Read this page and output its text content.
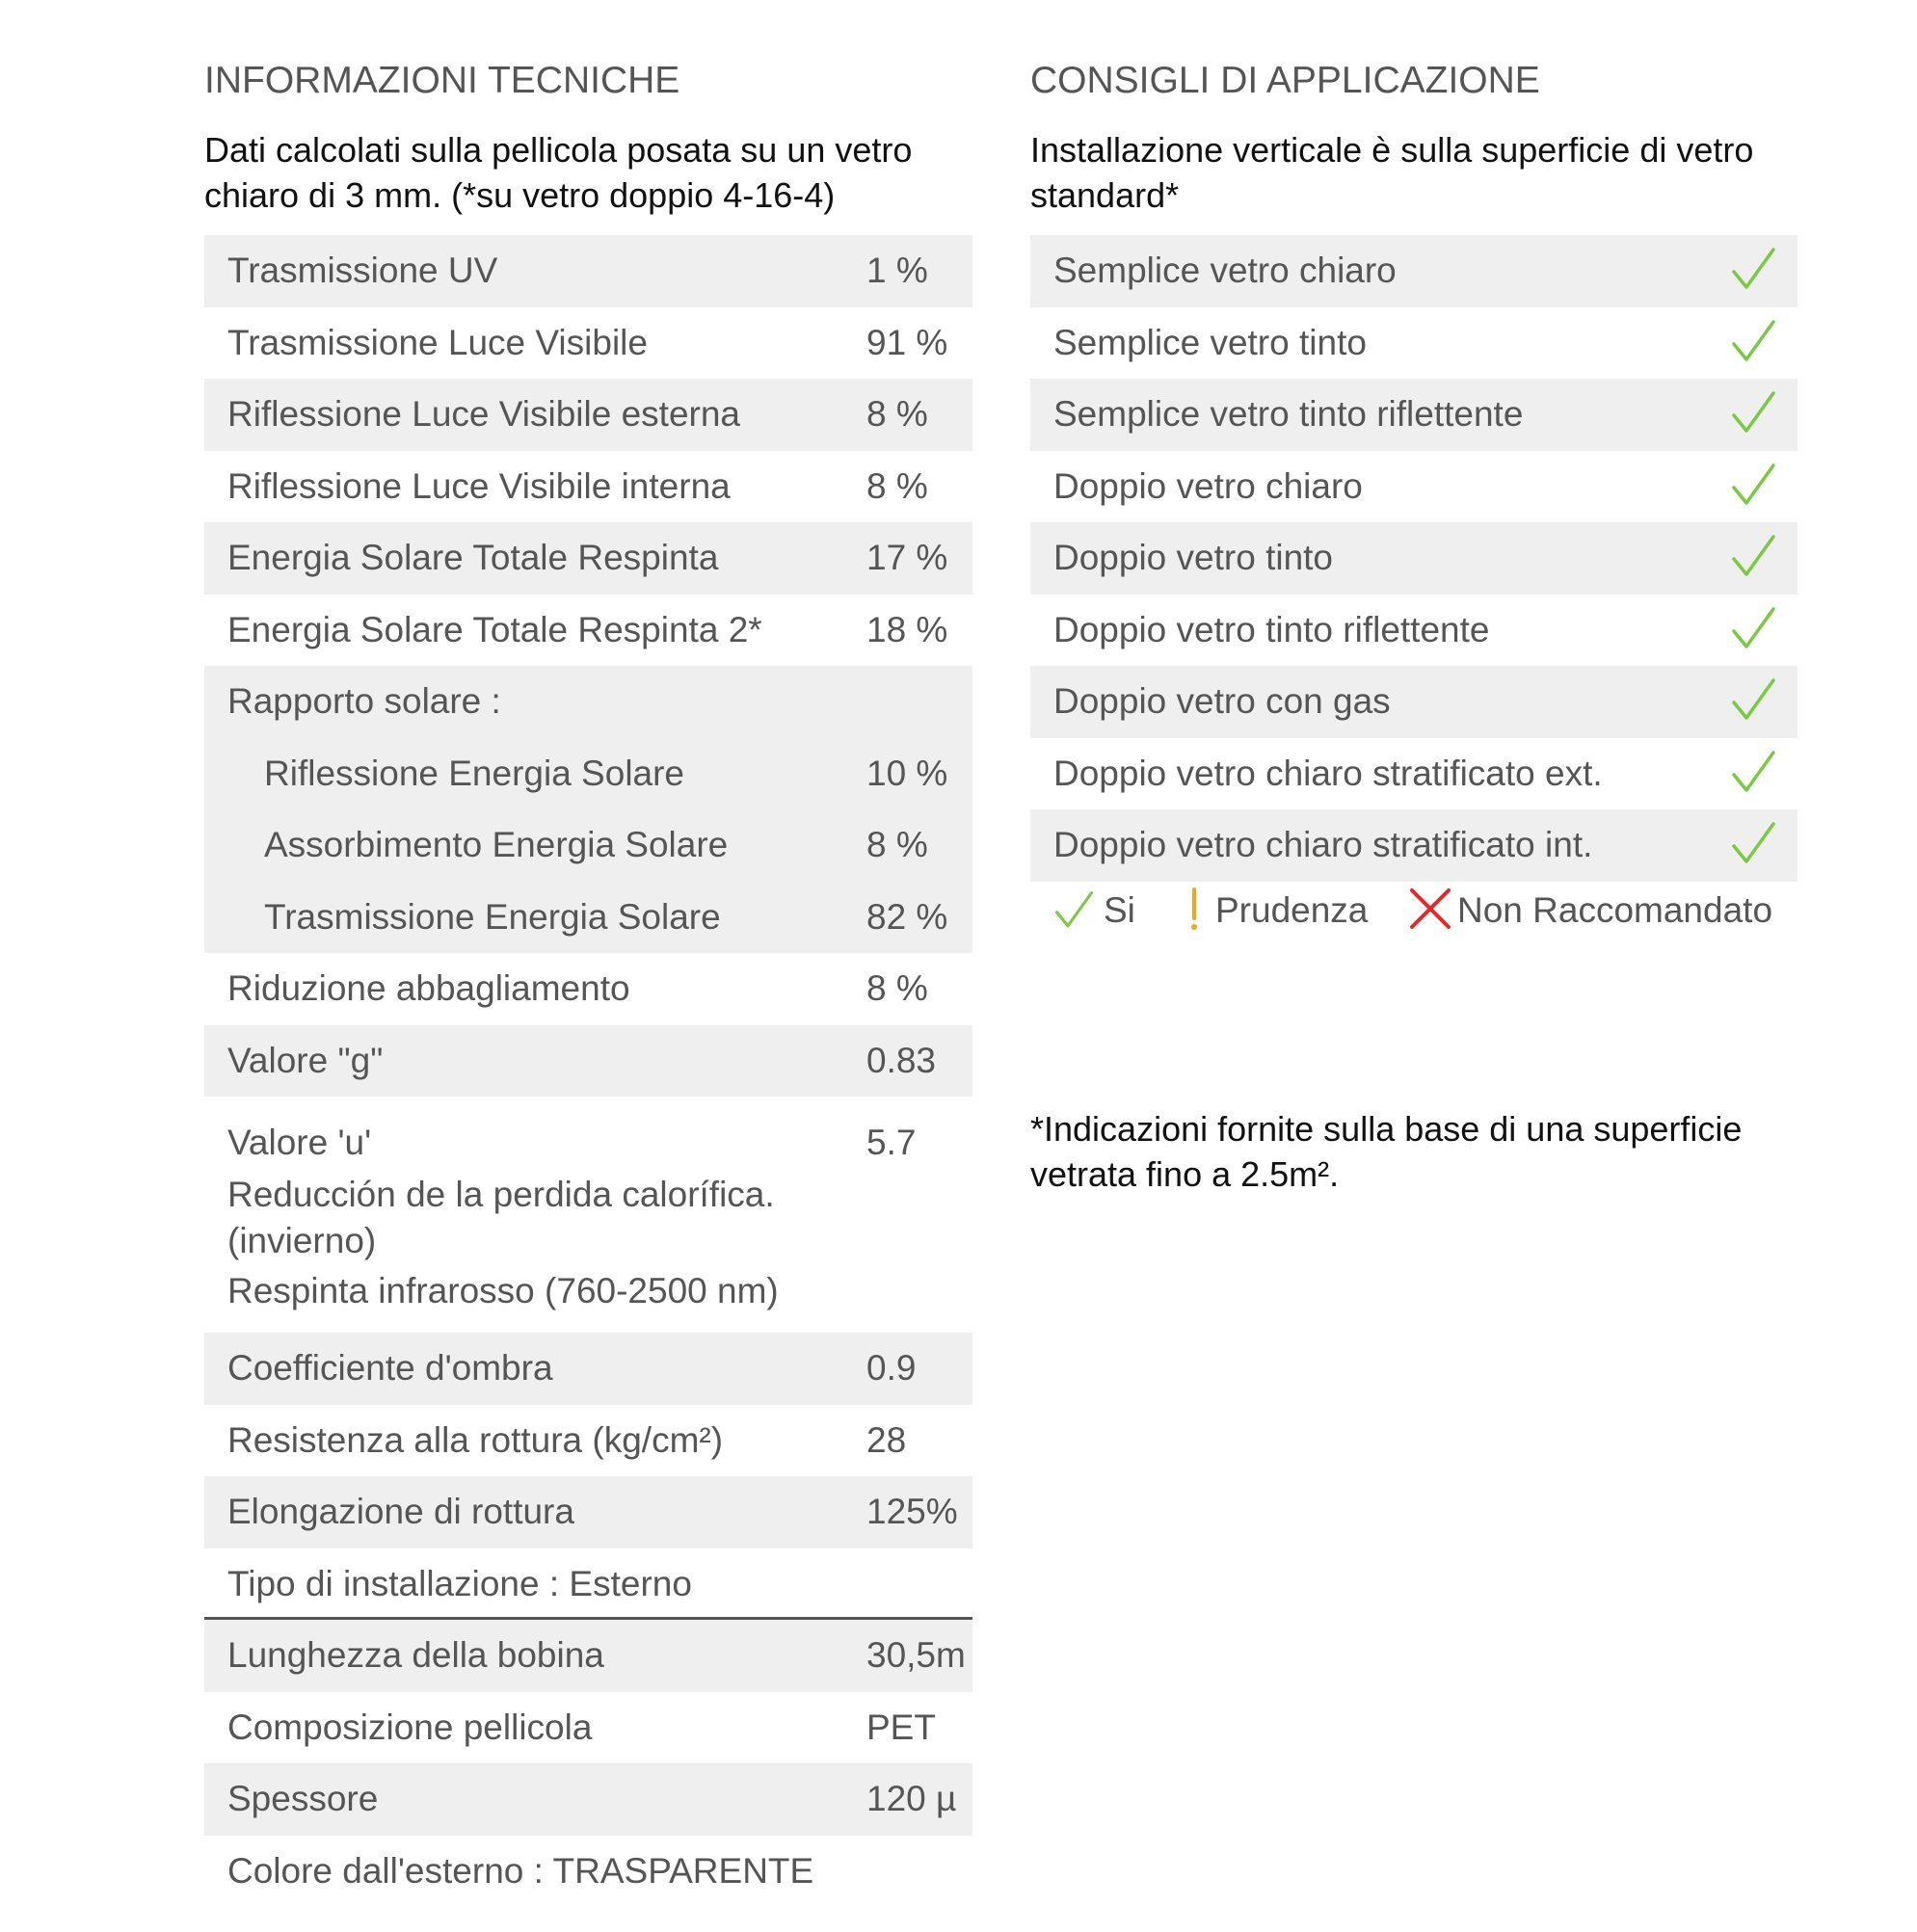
INFORMAZIONI TECNICHE
Dati calcolati sulla pellicola posata su un vetro chiaro di 3 mm. (*su vetro doppio 4-16-4)
Trasmissione UV	1 %
Trasmissione Luce Visibile	91 %
Riflessione Luce Visibile esterna	8 %
Riflessione Luce Visibile interna	8 %
Energia Solare Totale Respinta	17 %
Energia Solare Totale Respinta 2*	18 %
Rapporto solare :
Riflessione Energia Solare	10 %
Assorbimento Energia Solare	8 %
Trasmissione Energia Solare	82 %
Riduzione abbagliamento	8 %
Valore "g"	0.83
Valore 'u'	5.7
Reducción de la perdida calorífica. (invierno)
Respinta infrarosso (760-2500 nm)
Coefficiente d'ombra	0.9
Resistenza alla rottura (kg/cm²)	28
Elongazione di rottura	125%
Tipo di installazione : Esterno
Lunghezza della bobina	30,5m
Composizione pellicola	PET
Spessore	120 µ
Colore dall'esterno : TRASPARENTE
CONSIGLI DI APPLICAZIONE
Installazione verticale è sulla superficie di vetro standard*
Semplice vetro chiaro
Semplice vetro tinto
Semplice vetro tinto riflettente
Doppio vetro chiaro
Doppio vetro tinto
Doppio vetro tinto riflettente
Doppio vetro con gas
Doppio vetro chiaro stratificato ext.
Doppio vetro chiaro stratificato int.
Si Prudenza	Non Raccomandato
*Indicazioni fornite sulla base di una superficie vetrata fino a 2.5m².
